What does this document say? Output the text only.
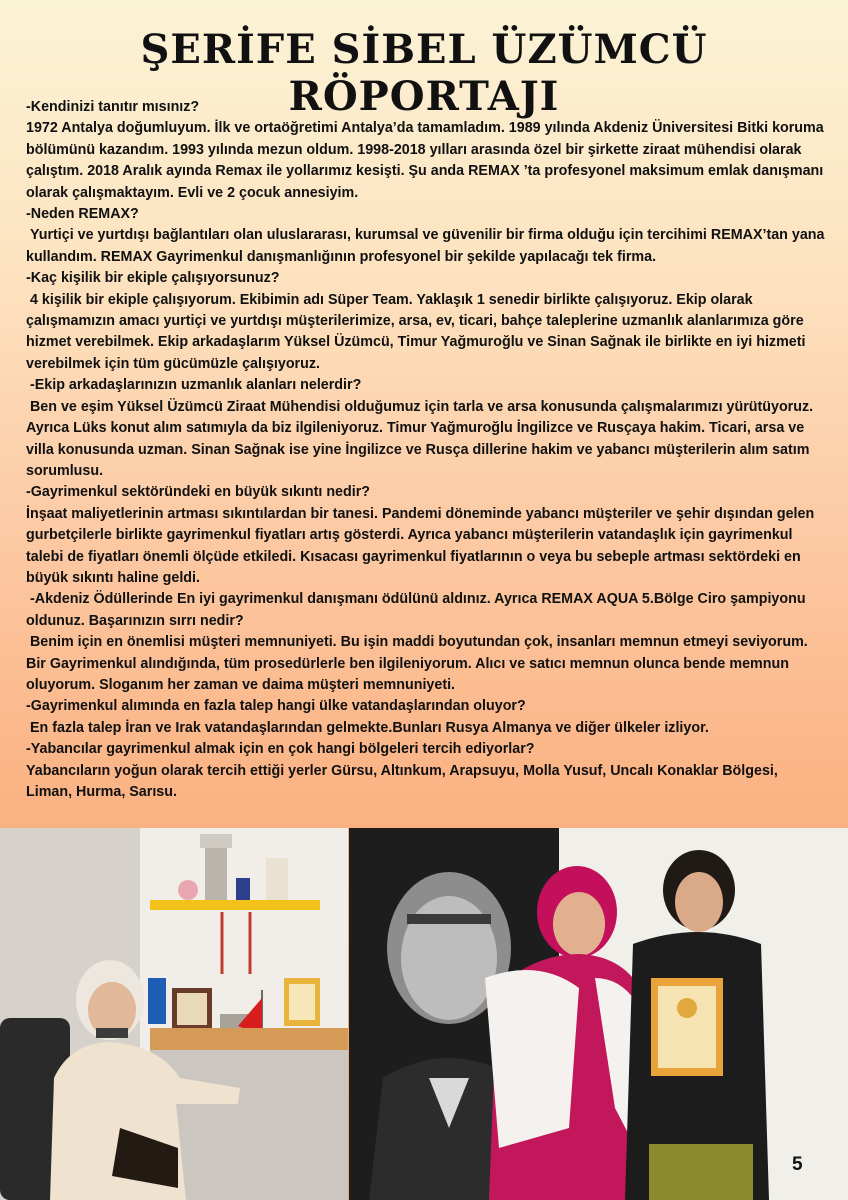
ŞERİFE SİBEL ÜZÜMCÜ RÖPORTAJI

-Kendinizi tanıtır mısınız?

1972 Antalya doğumluyum. İlk ve ortaöğretimi Antalya’da tamamladım. 1989 yılında Akdeniz Üniversitesi Bitki koruma bölümünü kazandım. 1993 yılında mezun oldum. 1998-2018 yılları arasında özel bir şirkette ziraat mühendisi olarak çalıştım. 2018 Aralık ayında Remax ile yollarımız kesişti. Şu anda REMAX ’ta profesyonel maksimum emlak danışmanı olarak çalışmaktayım. Evli ve 2 çocuk annesiyim.

-Neden REMAX?

Yurtiçi ve yurtdışı bağlantıları olan uluslararası, kurumsal ve güvenilir bir firma olduğu için tercihimi REMAX’tan yana kullandım. REMAX Gayrimenkul danışmanlığının profesyonel bir şekilde yapılacağı tek firma.

-Kaç kişilik bir ekiple çalışıyorsunuz?

4 kişilik bir ekiple çalışıyorum. Ekibimin adı Süper Team. Yaklaşık 1 senedir birlikte çalışıyoruz. Ekip olarak çalışmamızın amacı yurtiçi ve yurtdışı müşterilerimize, arsa, ev, ticari, bahçe taleplerine uzmanlık alanlarımıza göre hizmet verebilmek. Ekip arkadaşlarım Yüksel Üzümcü, Timur Yağmuroğlu ve Sinan Sağnak ile birlikte en iyi hizmeti verebilmek için tüm gücümüzle çalışıyoruz.

-Ekip arkadaşlarınızın uzmanlık alanları nelerdir?

Ben ve eşim Yüksel Üzümcü Ziraat Mühendisi olduğumuz için tarla ve arsa konusunda çalışmalarımızı yürütüyoruz. Ayrıca Lüks konut alım satımıyla da biz ilgileniyoruz. Timur Yağmuroğlu İngilizce ve Rusçaya hakim. Ticari, arsa ve villa konusunda uzman. Sinan Sağnak ise yine İngilizce ve Rusça dillerine hakim ve yabancı müşterilerin alım satım sorumlusu.

-Gayrimenkul sektöründeki en büyük sıkıntı nedir?

İnşaat maliyetlerinin artması sıkıntılardan bir tanesi. Pandemi döneminde yabancı müşteriler ve şehir dışından gelen gurbetçilerle birlikte gayrimenkul fiyatları artış gösterdi. Ayrıca yabancı müşterilerin vatandaşlık için gayrimenkul talebi de fiyatları önemli ölçüde etkiledi. Kısacası gayrimenkul fiyatlarının o veya bu sebeple artması sektördeki en büyük sıkıntı haline geldi.

-Akdeniz Ödüllerinde En iyi gayrimenkul danışmanı ödülünü aldınız. Ayrıca REMAX AQUA 5.Bölge Ciro şampiyonu oldunuz. Başarınızın sırrı nedir?

Benim için en önemlisi müşteri memnuniyeti. Bu işin maddi boyutundan çok, insanları memnun etmeyi seviyorum. Bir Gayrimenkul alındığında, tüm prosedürlerle ben ilgileniyorum. Alıcı ve satıcı memnun olunca bende memnun oluyorum. Sloganım her zaman ve daima müşteri memnuniyeti.

-Gayrimenkul alımında en fazla talep hangi ülke vatandaşlarından oluyor?

En fazla talep İran ve Irak vatandaşlarından gelmekte.Bunları Rusya Almanya ve diğer ülkeler izliyor.

-Yabancılar gayrimenkul almak için en çok hangi bölgeleri tercih ediyorlar?

Yabancıların yoğun olarak tercih ettiği yerler Gürsu, Altınkum, Arapsuyu, Molla Yusuf, Uncalı Konaklar Bölgesi, Liman, Hurma, Sarısu.

5
